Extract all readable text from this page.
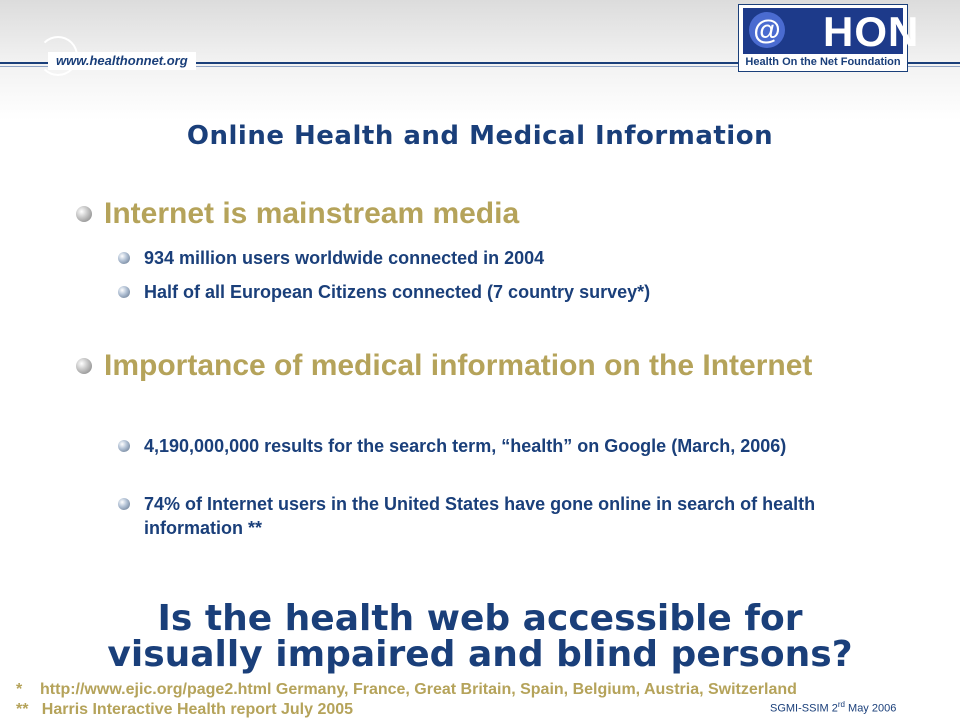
www.healthonnet.org
@ HON
Health On the Net Foundation
Online Health and Medical Information
Internet is mainstream media
934 million users worldwide connected in 2004
Half of all European Citizens connected (7 country survey*)
Importance of medical information on the Internet
4,190,000,000 results for the search term, “health” on Google (March, 2006)
74% of Internet users in the United States have gone online in search of health information **
Is the health web accessible for
visually impaired and blind persons?
*    http://www.ejic.org/page2.html Germany, France, Great Britain, Spain, Belgium, Austria, Switzerland
**   Harris Interactive Health report July 2005	SGMI-SSIM 2rd May 2006
